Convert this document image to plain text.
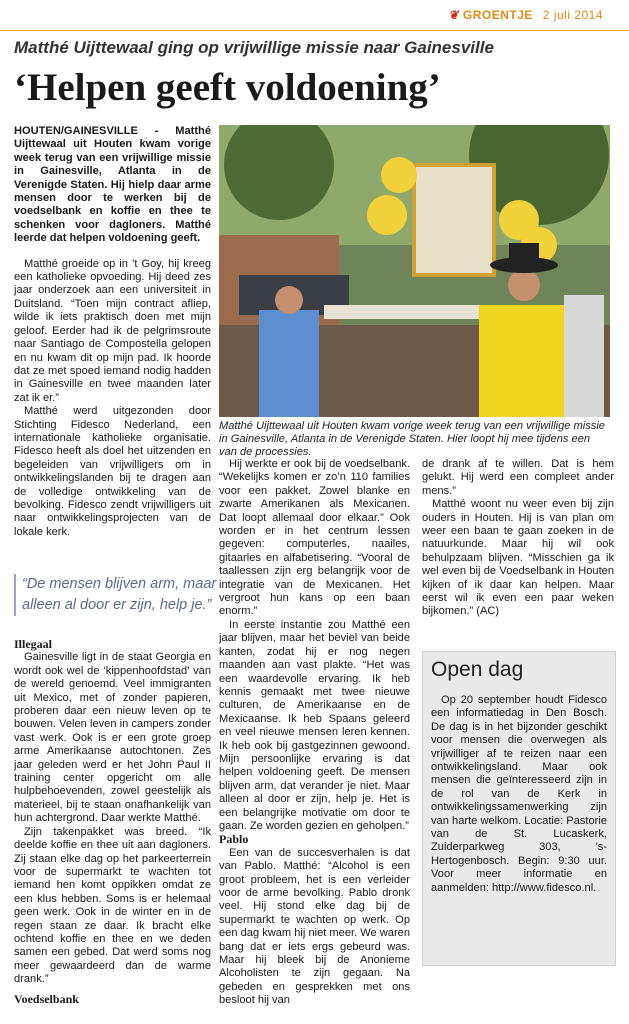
❦ GROENTJE 2 juli 2014
Matthé Uijttewaal ging op vrijwillige missie naar Gainesville
‘Helpen geeft voldoening’

HOUTEN/GAINESVILLE - Matthé Uijttewaal uit Houten kwam vorige week terug van een vrijwillige missie in Gainesville, Atlanta in de Verenigde Staten. Hij hielp daar arme mensen door te werken bij de voedselbank en koffie en thee te schenken voor dagloners. Matthé leerde dat helpen voldoening geeft.

Matthé groeide op in ’t Goy, hij kreeg een katholieke opvoeding. Hij deed zes jaar onderzoek aan een universiteit in Duitsland. “Toen mijn contract afliep, wilde ik iets praktisch doen met mijn geloof. Eerder had ik de pelgrimsroute naar Santiago de Compostella gelopen en nu kwam dit op mijn pad. Ik hoorde dat ze met spoed iemand nodig hadden in Gainesville en twee maanden later zat ik er.”

Matthé werd uitgezonden door Stichting Fidesco Nederland, een internationale katholieke organisatie. Fidesco heeft als doel het uitzenden en begeleiden van vrijwilligers om in ontwikkelingslanden bij te dragen aan de volledige ontwikkeling van de bevolking. Fidesco zendt vrijwilligers uit naar ontwikkelingsprojecten van de lokale kerk.

“De mensen blijven arm, maar alleen al door er zijn, help je.”

Illegaal

Gainesville ligt in de staat Georgia en wordt ook wel de ‘kippenhoofdstad’ van de wereld genoemd. Veel immigranten uit Mexico, met of zonder papieren, proberen daar een nieuw leven op te bouwen. Velen leven in campers zonder vast werk. Ook is er een grote groep arme Amerikaanse autochtonen. Zes jaar geleden werd er het John Paul II training center opgericht om alle hulpbehoevenden, zowel geestelijk als materieel, bij te staan onafhankelijk van hun achtergrond. Daar werkte Matthé.

Zijn takenpakket was breed. “Ik deelde koffie en thee uit aan dagloners. Zij staan elke dag op het parkeerterrein voor de supermarkt te wachten tot iemand hen komt oppikken omdat ze een klus hebben. Soms is er helemaal geen werk. Ook in de winter en in de regen staan ze daar. Ik bracht elke ochtend koffie en thee en we deden samen een gebed. Dat werd soms nog meer gewaardeerd dan de warme drank.”

Voedselbank

Matthé Uijttewaal uit Houten kwam vorige week terug van een vrijwillige missie in Gainesville, Atlanta in de Verenigde Staten. Hier loopt hij mee tijdens een van de processies.

Hij werkte er ook bij de voedselbank. “Wekelijks komen er zo’n 110 families voor een pakket. Zowel blanke en zwarte Amerikanen als Mexicanen. Dat loopt allemaal door elkaar.” Ook worden er in het centrum lessen gegeven: computerles, naailes, gitaarles en alfabetisering. “Vooral de taallessen zijn erg belangrijk voor de integratie van de Mexicanen. Het vergroot hun kans op een baan enorm.”

In eerste instantie zou Matthé een jaar blijven, maar het beviel van beide kanten, zodat hij er nog negen maanden aan vast plakte. “Het was een waardevolle ervaring. Ik heb kennis gemaakt met twee nieuwe culturen, de Amerikaanse en de Mexicaanse. Ik heb Spaans geleerd en veel nieuwe mensen leren kennen. Ik heb ook bij gastgezinnen gewoond. Mijn persoonlijke ervaring is dat helpen voldoening geeft. De mensen blijven arm, dat verander je niet. Maar alleen al door er zijn, help je. Het is een belangrijke motivatie om door te gaan. Ze worden gezien en geholpen.”

Pablo

Een van de succesverhalen is dat van Pablo. Matthé: “Alcohol is een groot probleem, het is een verleider voor de arme bevolking. Pablo dronk veel. Hij stond elke dag bij de supermarkt te wachten op werk. Op een dag kwam hij niet meer. We waren bang dat er iets ergs gebeurd was. Maar hij bleek bij de Anonieme Alcoholisten te zijn gegaan. Na gebeden en gesprekken met ons besloot hij van

de drank af te willen. Dat is hem gelukt. Hij werd een compleet ander mens.”

Matthé woont nu weer even bij zijn ouders in Houten. Hij is van plan om weer een baan te gaan zoeken in de natuurkunde. Maar hij wil ook behulpzaam blijven. “Misschien ga ik wel even bij de Voedselbank in Houten kijken of ik daar kan helpen. Maar eerst wil ik even een paar weken bijkomen.” (AC)

Open dag

Op 20 september houdt Fidesco een informatiedag in Den Bosch. De dag is in het bijzonder geschikt voor mensen die overwegen als vrijwilliger af te reizen naar een ontwikkelingsland. Maar ook mensen die geïnteresseerd zijn in de rol van de Kerk in ontwikkelingssamenwerking zijn van harte welkom. Locatie: Pastorie van de St. Lucaskerk, Zuiderparkweg 303, ’s-Hertogenbosch. Begin: 9:30 uur. Voor meer informatie en aanmelden: http://www.fidesco.nl.
